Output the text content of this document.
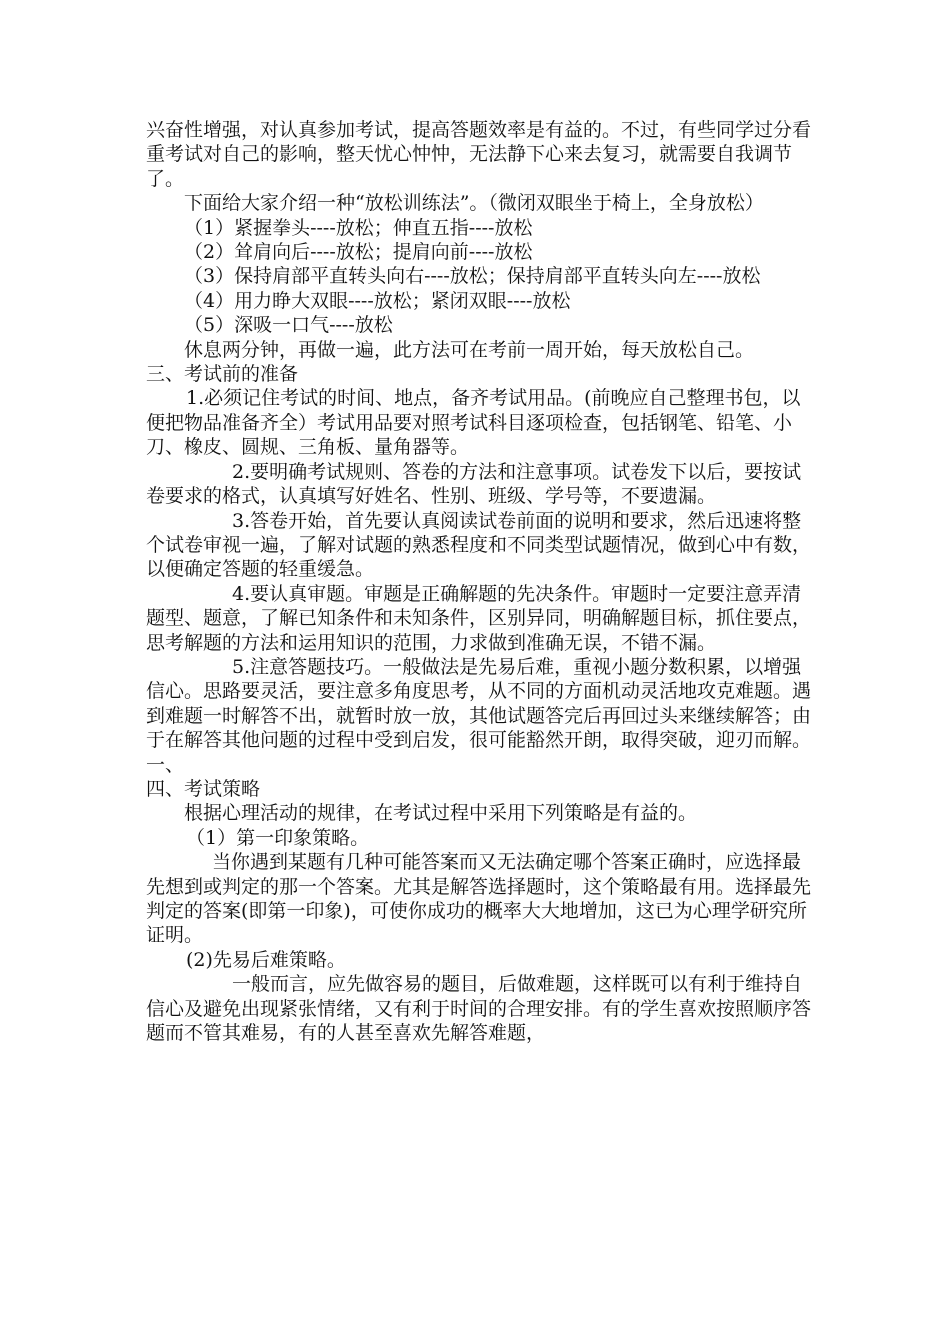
兴奋性增强，对认真参加考试，提高答题效率是有益的。不过，有些同学过分看重考试对自己的影响，整天忧心忡忡，无法静下心来去复习，就需要自我调节了。

下面给大家介绍一种“放松训练法”。（微闭双眼坐于椅上，全身放松）

（1）紧握拳头----放松；伸直五指----放松

（2）耸肩向后----放松；提肩向前----放松

（3）保持肩部平直转头向右----放松；保持肩部平直转头向左----放松

（4）用力睁大双眼----放松；紧闭双眼----放松

（5）深吸一口气----放松

休息两分钟，再做一遍，此方法可在考前一周开始，每天放松自己。

三、考试前的准备

1.必须记住考试的时间、地点，备齐考试用品。(前晚应自己整理书包，以便把物品准备齐全）考试用品要对照考试科目逐项检查，包括钢笔、铅笔、小刀、橡皮、圆规、三角板、量角器等。

2.要明确考试规则、答卷的方法和注意事项。试卷发下以后，要按试卷要求的格式，认真填写好姓名、性别、班级、学号等，不要遗漏。

3.答卷开始，首先要认真阅读试卷前面的说明和要求，然后迅速将整个试卷审视一遍，了解对试题的熟悉程度和不同类型试题情况，做到心中有数，以便确定答题的轻重缓急。

4.要认真审题。审题是正确解题的先决条件。审题时一定要注意弄清题型、题意，了解已知条件和未知条件，区别异同，明确解题目标，抓住要点，思考解题的方法和运用知识的范围，力求做到准确无误，不错不漏。

5.注意答题技巧。一般做法是先易后难，重视小题分数积累，以增强信心。思路要灵活，要注意多角度思考，从不同的方面机动灵活地攻克难题。遇到难题一时解答不出，就暂时放一放，其他试题答完后再回过头来继续解答；由于在解答其他问题的过程中受到启发，很可能豁然开朗，取得突破，迎刃而解。一、

四、考试策略

根据心理活动的规律，在考试过程中采用下列策略是有益的。

（1）第一印象策略。

当你遇到某题有几种可能答案而又无法确定哪个答案正确时，应选择最先想到或判定的那一个答案。尤其是解答选择题时，这个策略最有用。选择最先判定的答案(即第一印象)，可使你成功的概率大大地增加，这已为心理学研究所证明。

(2)先易后难策略。

一般而言，应先做容易的题目，后做难题，这样既可以有利于维持自信心及避免出现紧张情绪，又有利于时间的合理安排。有的学生喜欢按照顺序答题而不管其难易，有的人甚至喜欢先解答难题，
